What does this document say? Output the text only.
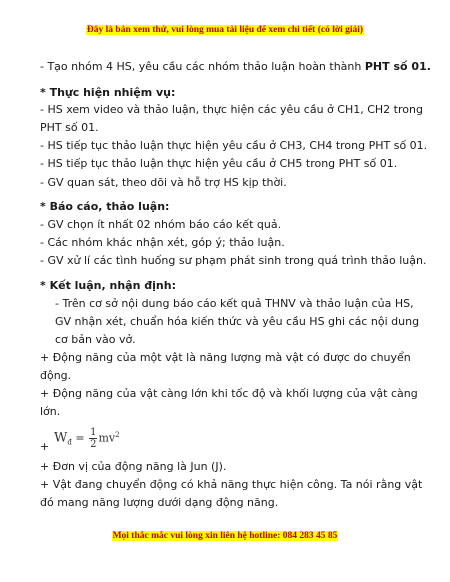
Đây là bản xem thử, vui lòng mua tài liệu để xem chi tiết (có lời giải)
- Tạo nhóm 4 HS, yêu cầu các nhóm thảo luận hoàn thành PHT số 01.
* Thực hiện nhiệm vụ:
- HS xem video và thảo luận, thực hiện các yêu cầu ở CH1, CH2 trong
PHT số 01.
- HS tiếp tục thảo luận thực hiện yêu cầu ở CH3, CH4 trong PHT số 01.
- HS tiếp tục thảo luận thực hiện yêu cầu ở CH5 trong PHT số 01.
- GV quan sát, theo dõi và hỗ trợ HS kịp thời.
* Báo cáo, thảo luận:
- GV chọn ít nhất 02 nhóm báo cáo kết quả.
- Các nhóm khác nhận xét, góp ý; thảo luận.
- GV xử lí các tình huống sư phạm phát sinh trong quá trình thảo luận.
* Kết luận, nhận định:
- Trên cơ sở nội dung báo cáo kết quả THNV và thảo luận của HS,
GV nhận xét, chuẩn hóa kiến thức và yêu cầu HS ghi các nội dung
cơ bản vào vở.
+ Động năng của một vật là năng lượng mà vật có được do chuyển
động.
+ Động năng của vật càng lớn khi tốc độ và khối lượng của vật càng
lớn.
$W_đ = \frac{1}{2} mv^2$
+
+ Đơn vị của động năng là Jun (J).
+ Vật đang chuyển động có khả năng thực hiện công. Ta nói rằng vật
đó mang năng lượng dưới dạng động năng.
Mọi thắc mắc vui lòng xin liên hệ hotline: 084 283 45 85
